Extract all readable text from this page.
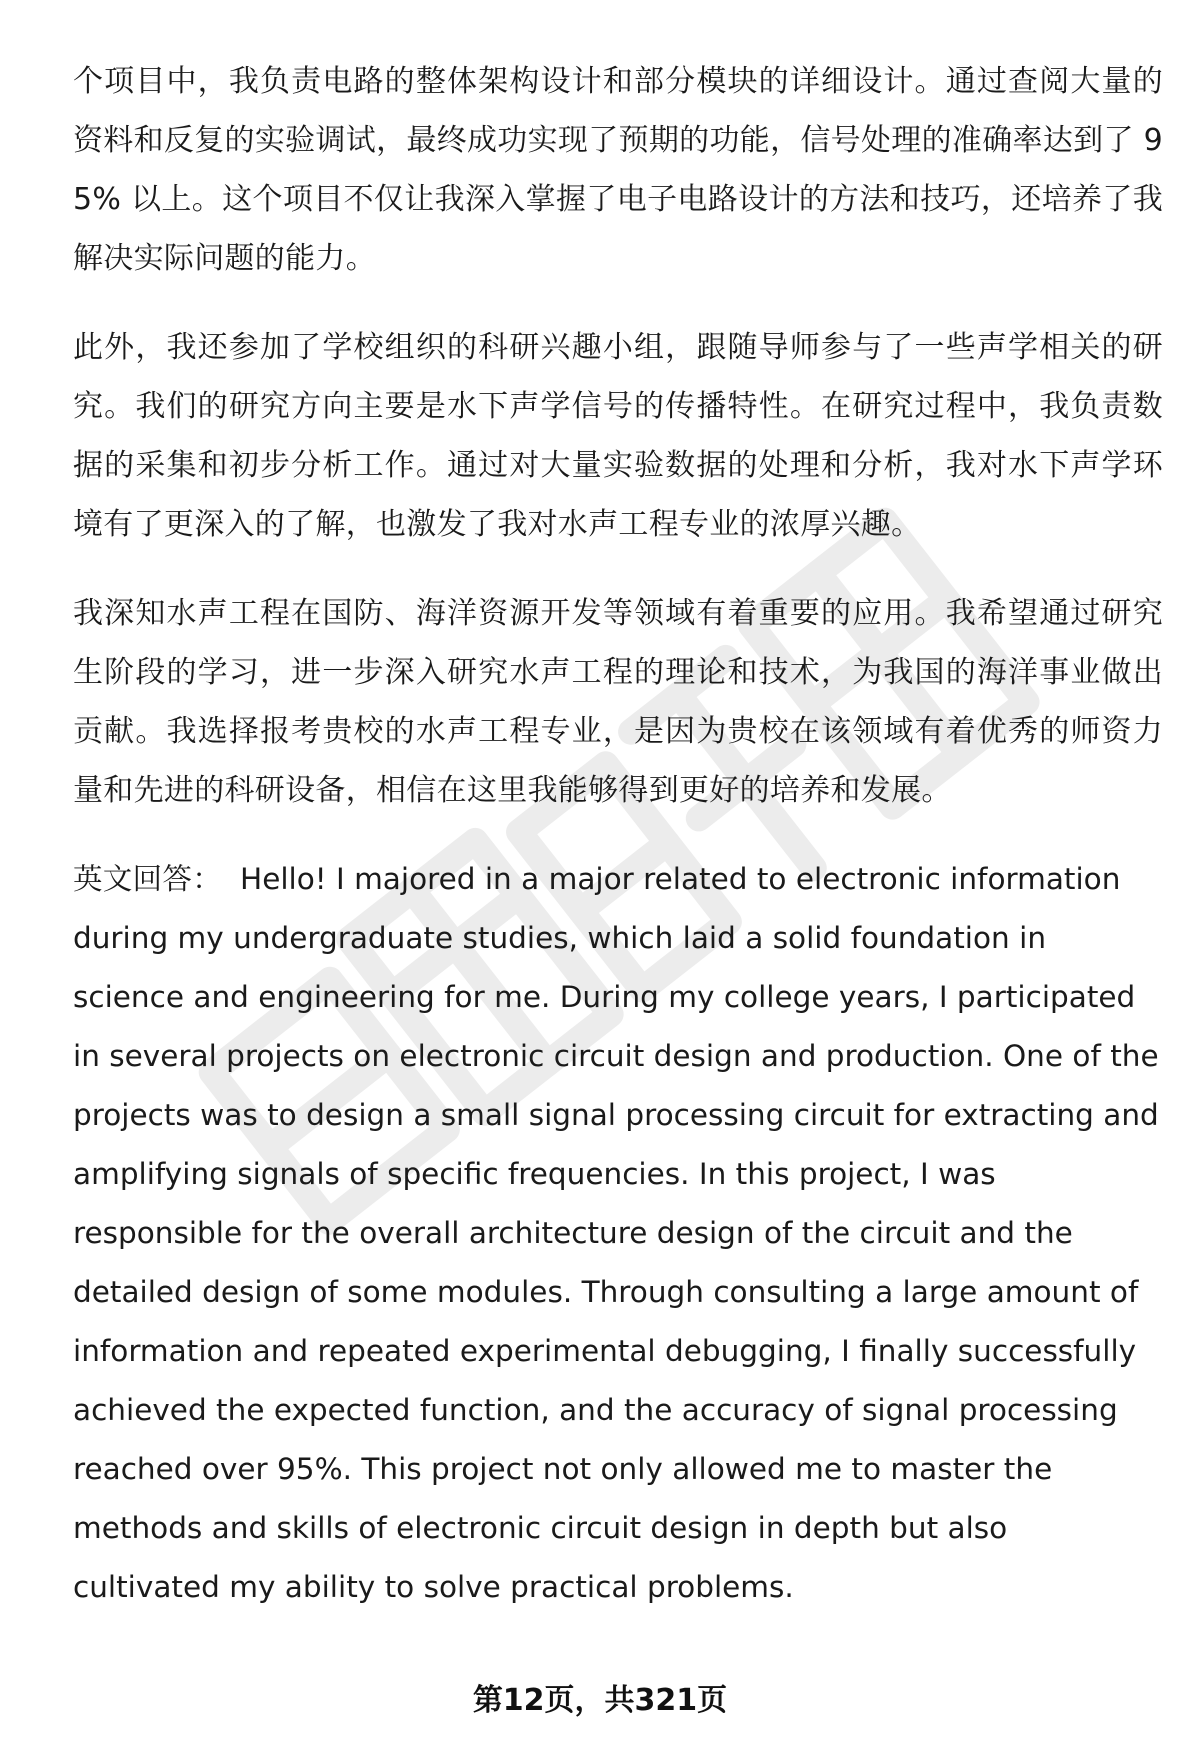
个项目中，我负责电路的整体架构设计和部分模块的详细设计。通过查阅大量的资料和反复的实验调试，最终成功实现了预期的功能，信号处理的准确率达到了 95% 以上。这个项目不仅让我深入掌握了电子电路设计的方法和技巧，还培养了我解决实际问题的能力。

此外，我还参加了学校组织的科研兴趣小组，跟随导师参与了一些声学相关的研究。我们的研究方向主要是水下声学信号的传播特性。在研究过程中，我负责数据的采集和初步分析工作。通过对大量实验数据的处理和分析，我对水下声学环境有了更深入的了解，也激发了我对水声工程专业的浓厚兴趣。

我深知水声工程在国防、海洋资源开发等领域有着重要的应用。我希望通过研究生阶段的学习，进一步深入研究水声工程的理论和技术，为我国的海洋事业做出贡献。我选择报考贵校的水声工程专业，是因为贵校在该领域有着优秀的师资力量和先进的科研设备，相信在这里我能够得到更好的培养和发展。

英文回答： Hello! I majored in a major related to electronic information during my undergraduate studies, which laid a solid foundation in science and engineering for me. During my college years, I participated in several projects on electronic circuit design and production. One of the projects was to design a small signal processing circuit for extracting and amplifying signals of specific frequencies. In this project, I was responsible for the overall architecture design of the circuit and the detailed design of some modules. Through consulting a large amount of information and repeated experimental debugging, I finally successfully achieved the expected function, and the accuracy of signal processing reached over 95%. This project not only allowed me to master the methods and skills of electronic circuit design in depth but also cultivated my ability to solve practical problems.

第12页，共321页
